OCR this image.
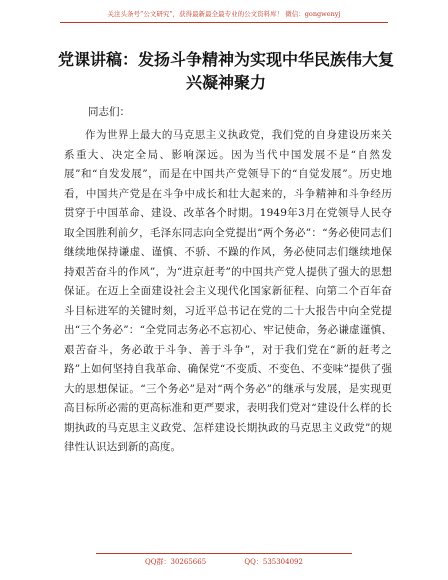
关注头条号“公文研究”，获得最新最全最专业的公文资料库！ 微信：gongwenyj
党课讲稿：发扬斗争精神为实现中华民族伟大复兴凝神聚力
同志们：
作为世界上最大的马克思主义执政党，我们党的自身建设历来关系重大、决定全局、影响深远。因为当代中国发展不是“自然发展”和“自发发展”，而是在中国共产党领导下的“自觉发展”。历史地看，中国共产党是在斗争中成长和壮大起来的，斗争精神和斗争经历贯穿于中国革命、建设、改革各个时期。1949年3月在党领导人民夺取全国胜利前夕，毛泽东同志向全党提出“两个务必”：“务必使同志们继续地保持谦虚、谨慎、不骄、不躁的作风，务必使同志们继续地保持艰苦奋斗的作风”，为“进京赶考”的中国共产党人提供了强大的思想保证。在迈上全面建设社会主义现代化国家新征程、向第二个百年奋斗目标进军的关键时刻，习近平总书记在党的二十大报告中向全党提出“三个务必”：“全党同志务必不忘初心、牢记使命，务必谦虚谨慎、艰苦奋斗，务必敢于斗争、善于斗争”，对于我们党在“新的赶考之路”上如何坚持自我革命、确保党“不变质、不变色、不变味”提供了强大的思想保证。“三个务必”是对“两个务必”的继承与发展，是实现更高目标所必需的更高标准和更严要求，表明我们党对“建设什么样的长期执政的马克思主义政党、怎样建设长期执政的马克思主义政党”的规律性认识达到新的高度。
QQ群：30265665	QQ：535304092
